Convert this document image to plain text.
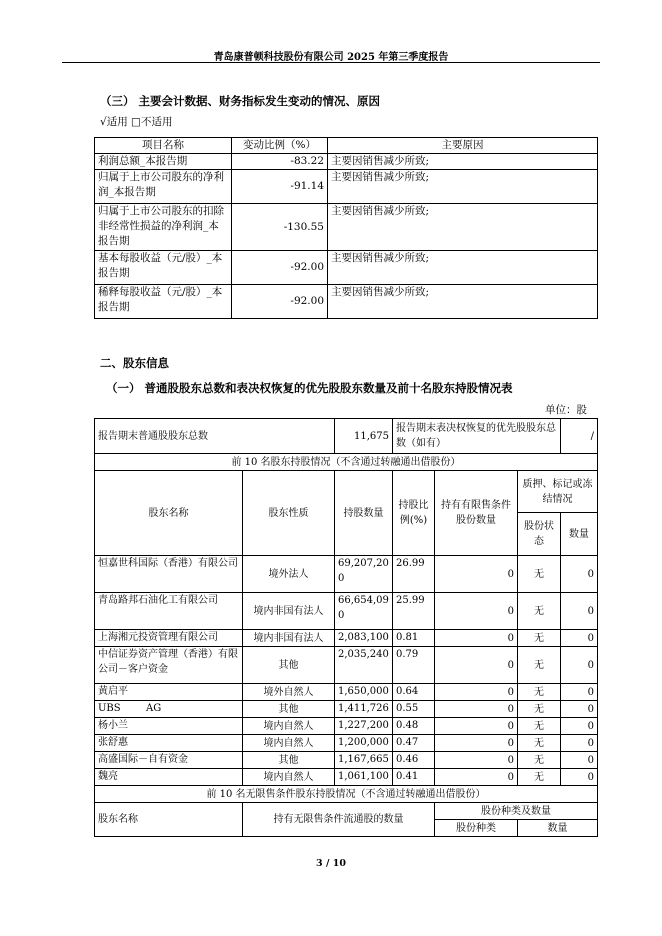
青岛康普顿科技股份有限公司 2025 年第三季度报告
（三） 主要会计数据、财务指标发生变动的情况、原因
√适用 □不适用
项目名称	变动比例（%）	主要原因
利润总额_本报告期	-83.22	主要因销售减少所致;
归属于上市公司股东的净利润_本报告期	-91.14	主要因销售减少所致;
归属于上市公司股东的扣除非经常性损益的净利润_本报告期	-130.55	主要因销售减少所致;
基本每股收益（元/股）_本报告期	-92.00	主要因销售减少所致;
稀释每股收益（元/股）_本报告期	-92.00	主要因销售减少所致;
二、股东信息
（一） 普通股股东总数和表决权恢复的优先股股东数量及前十名股东持股情况表
单位：股
报告期末普通股股东总数		11,675	报告期末表决权恢复的优先股股东总数（如有）			/
前 10 名股东持股情况（不含通过转融通出借股份）						
股东名称	股东性质	持股数量	持股比例(%)	持有有限售条件股份数量	质押、标记或冻结情况	
					股份状态	数量
恒嘉世科国际（香港）有限公司	境外法人	69,207,200	26.99	0	无	0
青岛路邦石油化工有限公司	境内非国有法人	66,654,090	25.99	0	无	0
上海湘元投资管理有限公司	境内非国有法人	2,083,100	0.81	0	无	0
中信证券资产管理（香港）有限公司－客户资金	其他	2,035,240	0.79	0	无	0
黄启平	境外自然人	1,650,000	0.64	0	无	0
UBS        AG	其他	1,411,726	0.55	0	无	0
杨小兰	境内自然人	1,227,200	0.48	0	无	0
张舒惠	境内自然人	1,200,000	0.47	0	无	0
高盛国际－自有资金	其他	1,167,665	0.46	0	无	0
魏亮	境内自然人	1,061,100	0.41	0	无	0
前 10 名无限售条件股东持股情况（不含通过转融通出借股份）						
股东名称	持有无限售条件流通股的数量			股份种类及数量		
				股份种类	数量	
3 / 10
